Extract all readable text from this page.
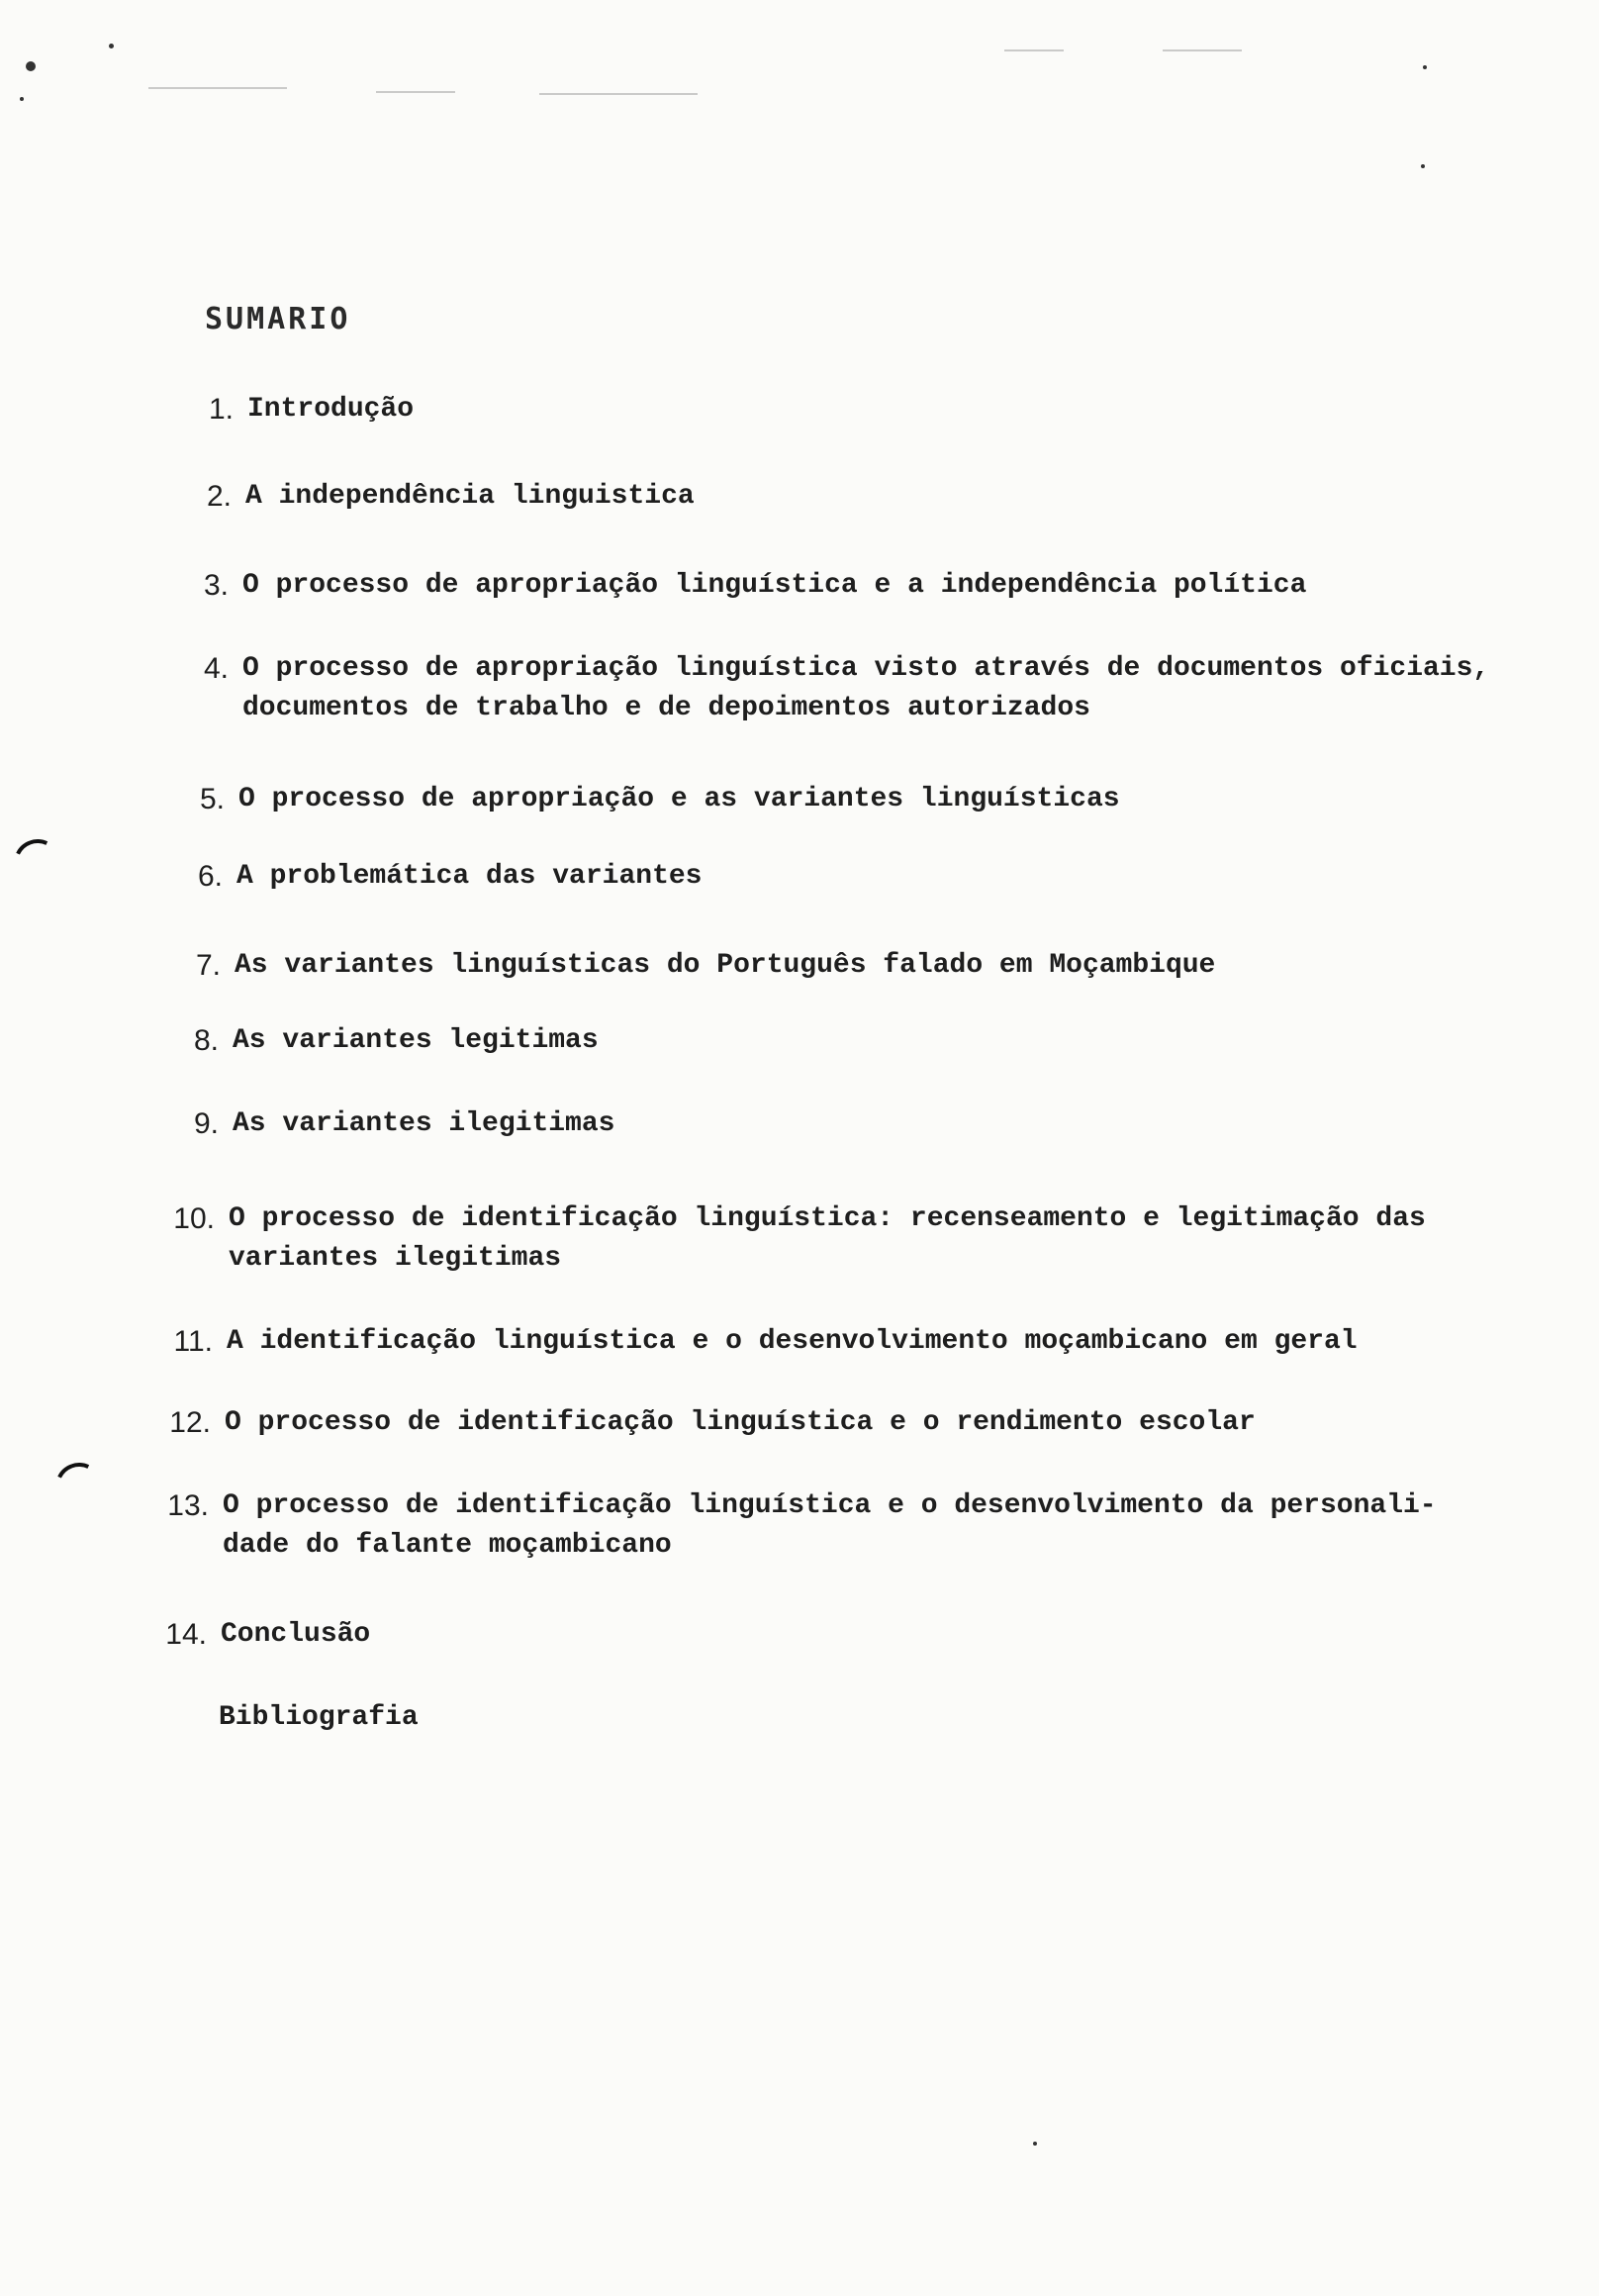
SUMARIO
1. Introdução
2. A independência linguistica
3. O processo de apropriação linguística e a independência política
4. O processo de apropriação linguística visto através de documentos oficiais,
documentos de trabalho e de depoimentos autorizados
5. O processo de apropriação e as variantes linguísticas
6. A problemática das variantes
7. As variantes linguísticas do Português falado em Moçambique
8. As variantes legitimas
9. As variantes ilegitimas
10. O processo de identificação linguística: recenseamento e legitimação das
variantes ilegitimas
11. A identificação linguística e o desenvolvimento moçambicano em geral
12. O processo de identificação linguística e o rendimento escolar
13. O processo de identificação linguística e o desenvolvimento da personali-
dade do falante moçambicano
14. Conclusão
Bibliografia
